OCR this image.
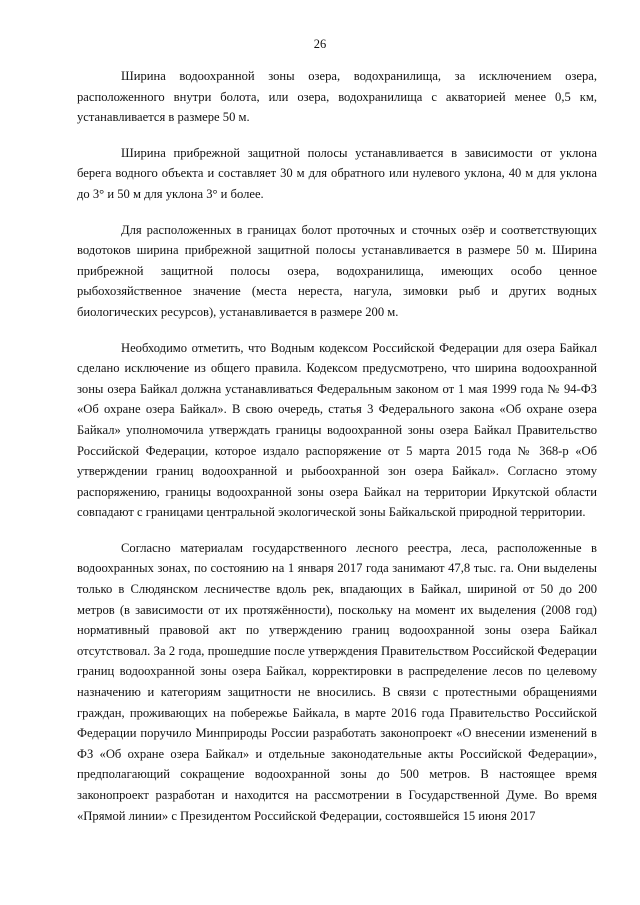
26

Ширина водоохранной зоны озера, водохранилища, за исключением озера, расположенного внутри болота, или озера, водохранилища с акваторией менее 0,5 км, устанавливается в размере 50 м.

Ширина прибрежной защитной полосы устанавливается в зависимости от уклона берега водного объекта и составляет 30 м для обратного или нулевого уклона, 40 м для уклона до 3° и 50 м для уклона 3° и более.

Для расположенных в границах болот проточных и сточных озёр и соответствующих водотоков ширина прибрежной защитной полосы устанавливается в размере 50 м. Ширина прибрежной защитной полосы озера, водохранилища, имеющих особо ценное рыбохозяйственное значение (места нереста, нагула, зимовки рыб и других водных биологических ресурсов), устанавливается в размере 200 м.

Необходимо отметить, что Водным кодексом Российской Федерации для озера Байкал сделано исключение из общего правила. Кодексом предусмотрено, что ширина водоохранной зоны озера Байкал должна устанавливаться Федеральным законом от 1 мая 1999 года № 94-ФЗ «Об охране озера Байкал». В свою очередь, статья 3 Федерального закона «Об охране озера Байкал» уполномочила утверждать границы водоохранной зоны озера Байкал Правительство Российской Федерации, которое издало распоряжение от 5 марта 2015 года № 368-р «Об утверждении границ водоохранной и рыбоохранной зон озера Байкал». Согласно этому распоряжению, границы водоохранной зоны озера Байкал на территории Иркутской области совпадают с границами центральной экологической зоны Байкальской природной территории.

Согласно материалам государственного лесного реестра, леса, расположенные в водоохранных зонах, по состоянию на 1 января 2017 года занимают 47,8 тыс. га. Они выделены только в Слюдянском лесничестве вдоль рек, впадающих в Байкал, шириной от 50 до 200 метров (в зависимости от их протяжённости), поскольку на момент их выделения (2008 год) нормативный правовой акт по утверждению границ водоохранной зоны озера Байкал отсутствовал. За 2 года, прошедшие после утверждения Правительством Российской Федерации границ водоохранной зоны озера Байкал, корректировки в распределение лесов по целевому назначению и категориям защитности не вносились. В связи с протестными обращениями граждан, проживающих на побережье Байкала, в марте 2016 года Правительство Российской Федерации поручило Минприроды России разработать законопроект «О внесении изменений в ФЗ «Об охране озера Байкал» и отдельные законодательные акты Российской Федерации», предполагающий сокращение водоохранной зоны до 500 метров. В настоящее время законопроект разработан и находится на рассмотрении в Государственной Думе. Во время «Прямой линии» с Президентом Российской Федерации, состоявшейся 15 июня 2017
